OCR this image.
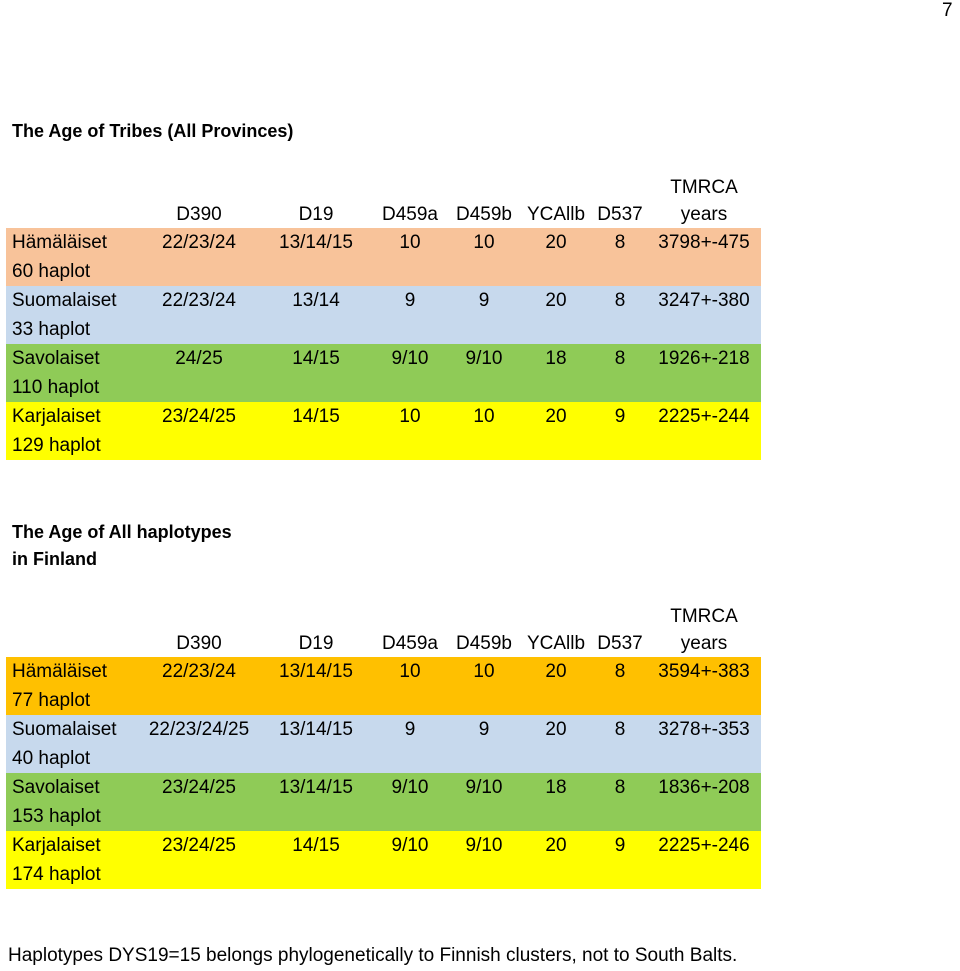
7
The Age of Tribes (All Provinces)
	D390	D19	D459a	D459b	YCAllb	D537	TMRCA
years

Hämäläiset	22/23/24	13/14/15	10	10	20	8	3798+-475
60 haplot							
Suomalaiset	22/23/24	13/14	9	9	20	8	3247+-380
33 haplot							
Savolaiset	24/25	14/15	9/10	9/10	18	8	1926+-218
110 haplot							
Karjalaiset	23/24/25	14/15	10	10	20	9	2225+-244
129 haplot							
The Age of All haplotypes
in Finland
	D390	D19	D459a	D459b	YCAllb	D537	TMRCA
years

Hämäläiset	22/23/24	13/14/15	10	10	20	8	3594+-383
77 haplot							
Suomalaiset	22/23/24/25	13/14/15	9	9	20	8	3278+-353
40 haplot							
Savolaiset	23/24/25	13/14/15	9/10	9/10	18	8	1836+-208
153 haplot							
Karjalaiset	23/24/25	14/15	9/10	9/10	20	9	2225+-246
174 haplot							
Haplotypes DYS19=15 belongs phylogenetically to Finnish clusters, not to South Balts.
